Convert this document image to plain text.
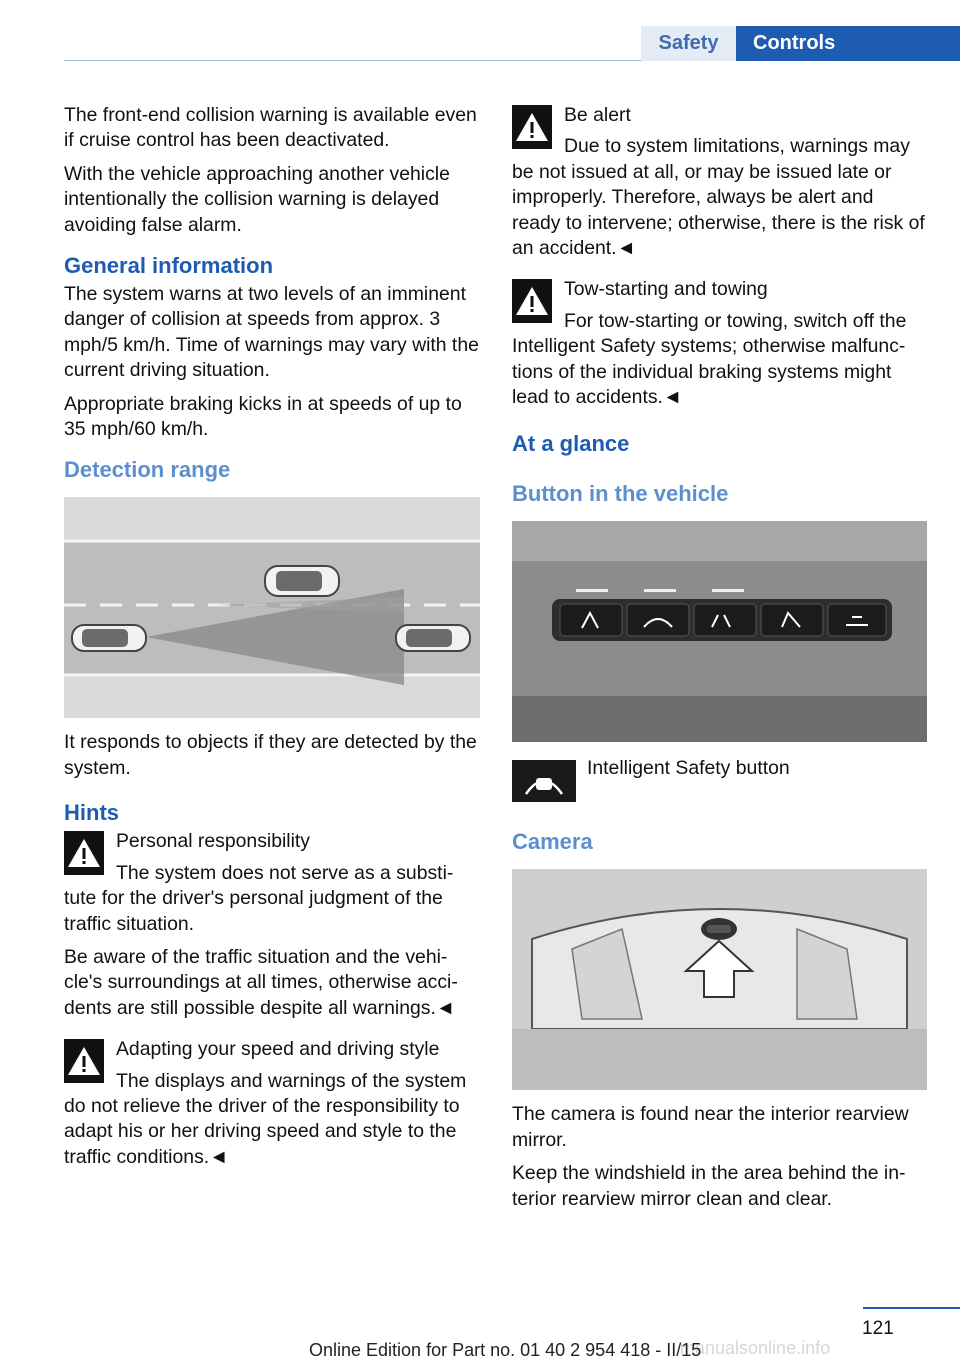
Safety	Controls

The front-end collision warning is available even if cruise control has been deactivated.

With the vehicle approaching another vehicle intentionally the collision warning is delayed avoiding false alarm.

General information

The system warns at two levels of an imminent danger of collision at speeds from approx. 3 mph/5 km/h. Time of warnings may vary with the current driving situation.

Appropriate braking kicks in at speeds of up to 35 mph/60 km/h.

Detection range

It responds to objects if they are detected by the system.

Hints

Personal responsibility

The system does not serve as a substi-

tute for the driver's personal judgment of the traffic situation.

Be aware of the traffic situation and the vehi-cle's surroundings at all times, otherwise acci-dents are still possible despite all warnings.◄

Adapting your speed and driving style

The displays and warnings of the system

do not relieve the driver of the responsibility to adapt his or her driving speed and style to the traffic conditions.◄

Be alert

Due to system limitations, warnings may

be not issued at all, or may be issued late or improperly. Therefore, always be alert and ready to intervene; otherwise, there is the risk of an accident.◄

Tow-starting and towing

For tow-starting or towing, switch off the

Intelligent Safety systems; otherwise malfunc-tions of the individual braking systems might lead to accidents.◄

At a glance
Button in the vehicle

Intelligent Safety button

Camera

The camera is found near the interior rearview mirror.

Keep the windshield in the area behind the in-terior rearview mirror clean and clear.

121
manualsonline.info
Online Edition for Part no. 01 40 2 954 418 - II/15
